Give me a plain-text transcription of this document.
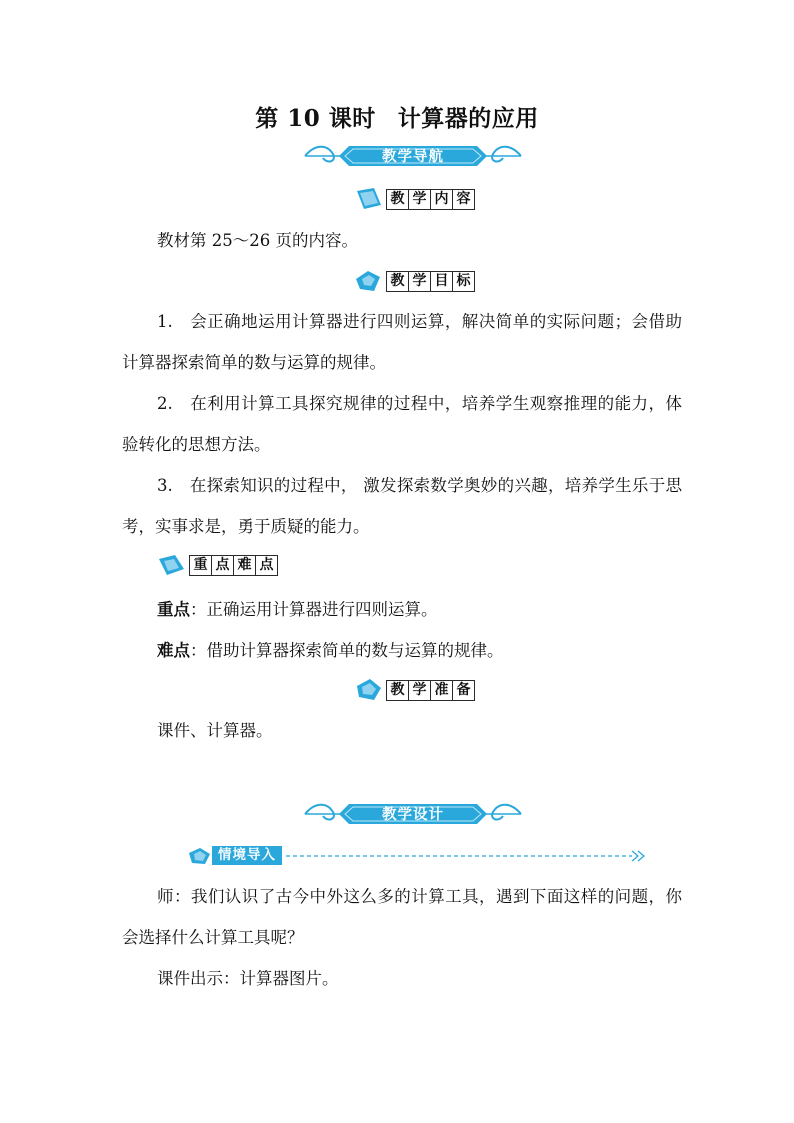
第 10 课时 计算器的应用
教学导航
教 学 内 容
教材第 25～26 页的内容。
教 学 目 标
1.　会正确地运用计算器进行四则运算，解决简单的实际问题；会借助计算器探索简单的数与运算的规律。
2.　在利用计算工具探究规律的过程中，培养学生观察推理的能力，体验转化的思想方法。
3.　在探索知识的过程中， 激发探索数学奥妙的兴趣，培养学生乐于思考，实事求是，勇于质疑的能力。
重 点 难 点
重点：正确运用计算器进行四则运算。
难点：借助计算器探索简单的数与运算的规律。
教 学 准 备
课件、计算器。
教学设计
情境导入
师：我们认识了古今中外这么多的计算工具，遇到下面这样的问题，你会选择什么计算工具呢？
课件出示：计算器图片。
